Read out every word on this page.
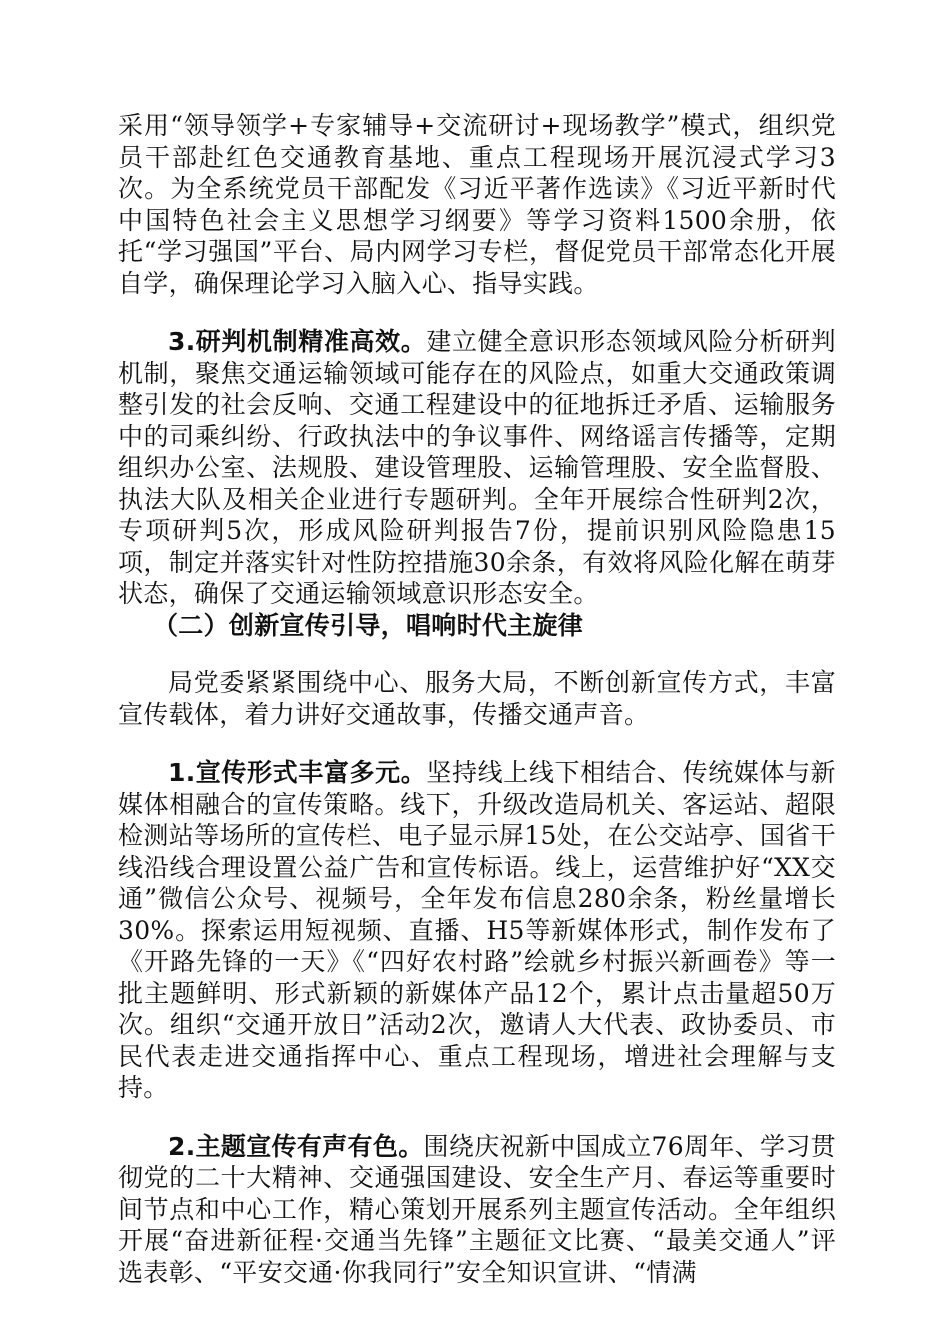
采用“领导领学+专家辅导+交流研讨+现场教学”模式，组织党员干部赴红色交通教育基地、重点工程现场开展沉浸式学习3次。为全系统党员干部配发《习近平著作选读》《习近平新时代中国特色社会主义思想学习纲要》等学习资料1500余册，依托“学习强国”平台、局内网学习专栏，督促党员干部常态化开展自学，确保理论学习入脑入心、指导实践。

3.研判机制精准高效。建立健全意识形态领域风险分析研判机制，聚焦交通运输领域可能存在的风险点，如重大交通政策调整引发的社会反响、交通工程建设中的征地拆迁矛盾、运输服务中的司乘纠纷、行政执法中的争议事件、网络谣言传播等，定期组织办公室、法规股、建设管理股、运输管理股、安全监督股、执法大队及相关企业进行专题研判。全年开展综合性研判2次，专项研判5次，形成风险研判报告7份，提前识别风险隐患15项，制定并落实针对性防控措施30余条，有效将风险化解在萌芽状态，确保了交通运输领域意识形态安全。

（二）创新宣传引导，唱响时代主旋律

局党委紧紧围绕中心、服务大局，不断创新宣传方式，丰富宣传载体，着力讲好交通故事，传播交通声音。

1.宣传形式丰富多元。坚持线上线下相结合、传统媒体与新媒体相融合的宣传策略。线下，升级改造局机关、客运站、超限检测站等场所的宣传栏、电子显示屏15处，在公交站亭、国省干线沿线合理设置公益广告和宣传标语。线上，运营维护好“XX交通”微信公众号、视频号，全年发布信息280余条，粉丝量增长30%。探索运用短视频、直播、H5等新媒体形式，制作发布了《开路先锋的一天》《“四好农村路”绘就乡村振兴新画卷》等一批主题鲜明、形式新颖的新媒体产品12个，累计点击量超50万次。组织“交通开放日”活动2次，邀请人大代表、政协委员、市民代表走进交通指挥中心、重点工程现场，增进社会理解与支持。

2.主题宣传有声有色。围绕庆祝新中国成立76周年、学习贯彻党的二十大精神、交通强国建设、安全生产月、春运等重要时间节点和中心工作，精心策划开展系列主题宣传活动。全年组织开展“奋进新征程·交通当先锋”主题征文比赛、“最美交通人”评选表彰、“平安交通·你我同行”安全知识宣讲、“情满
